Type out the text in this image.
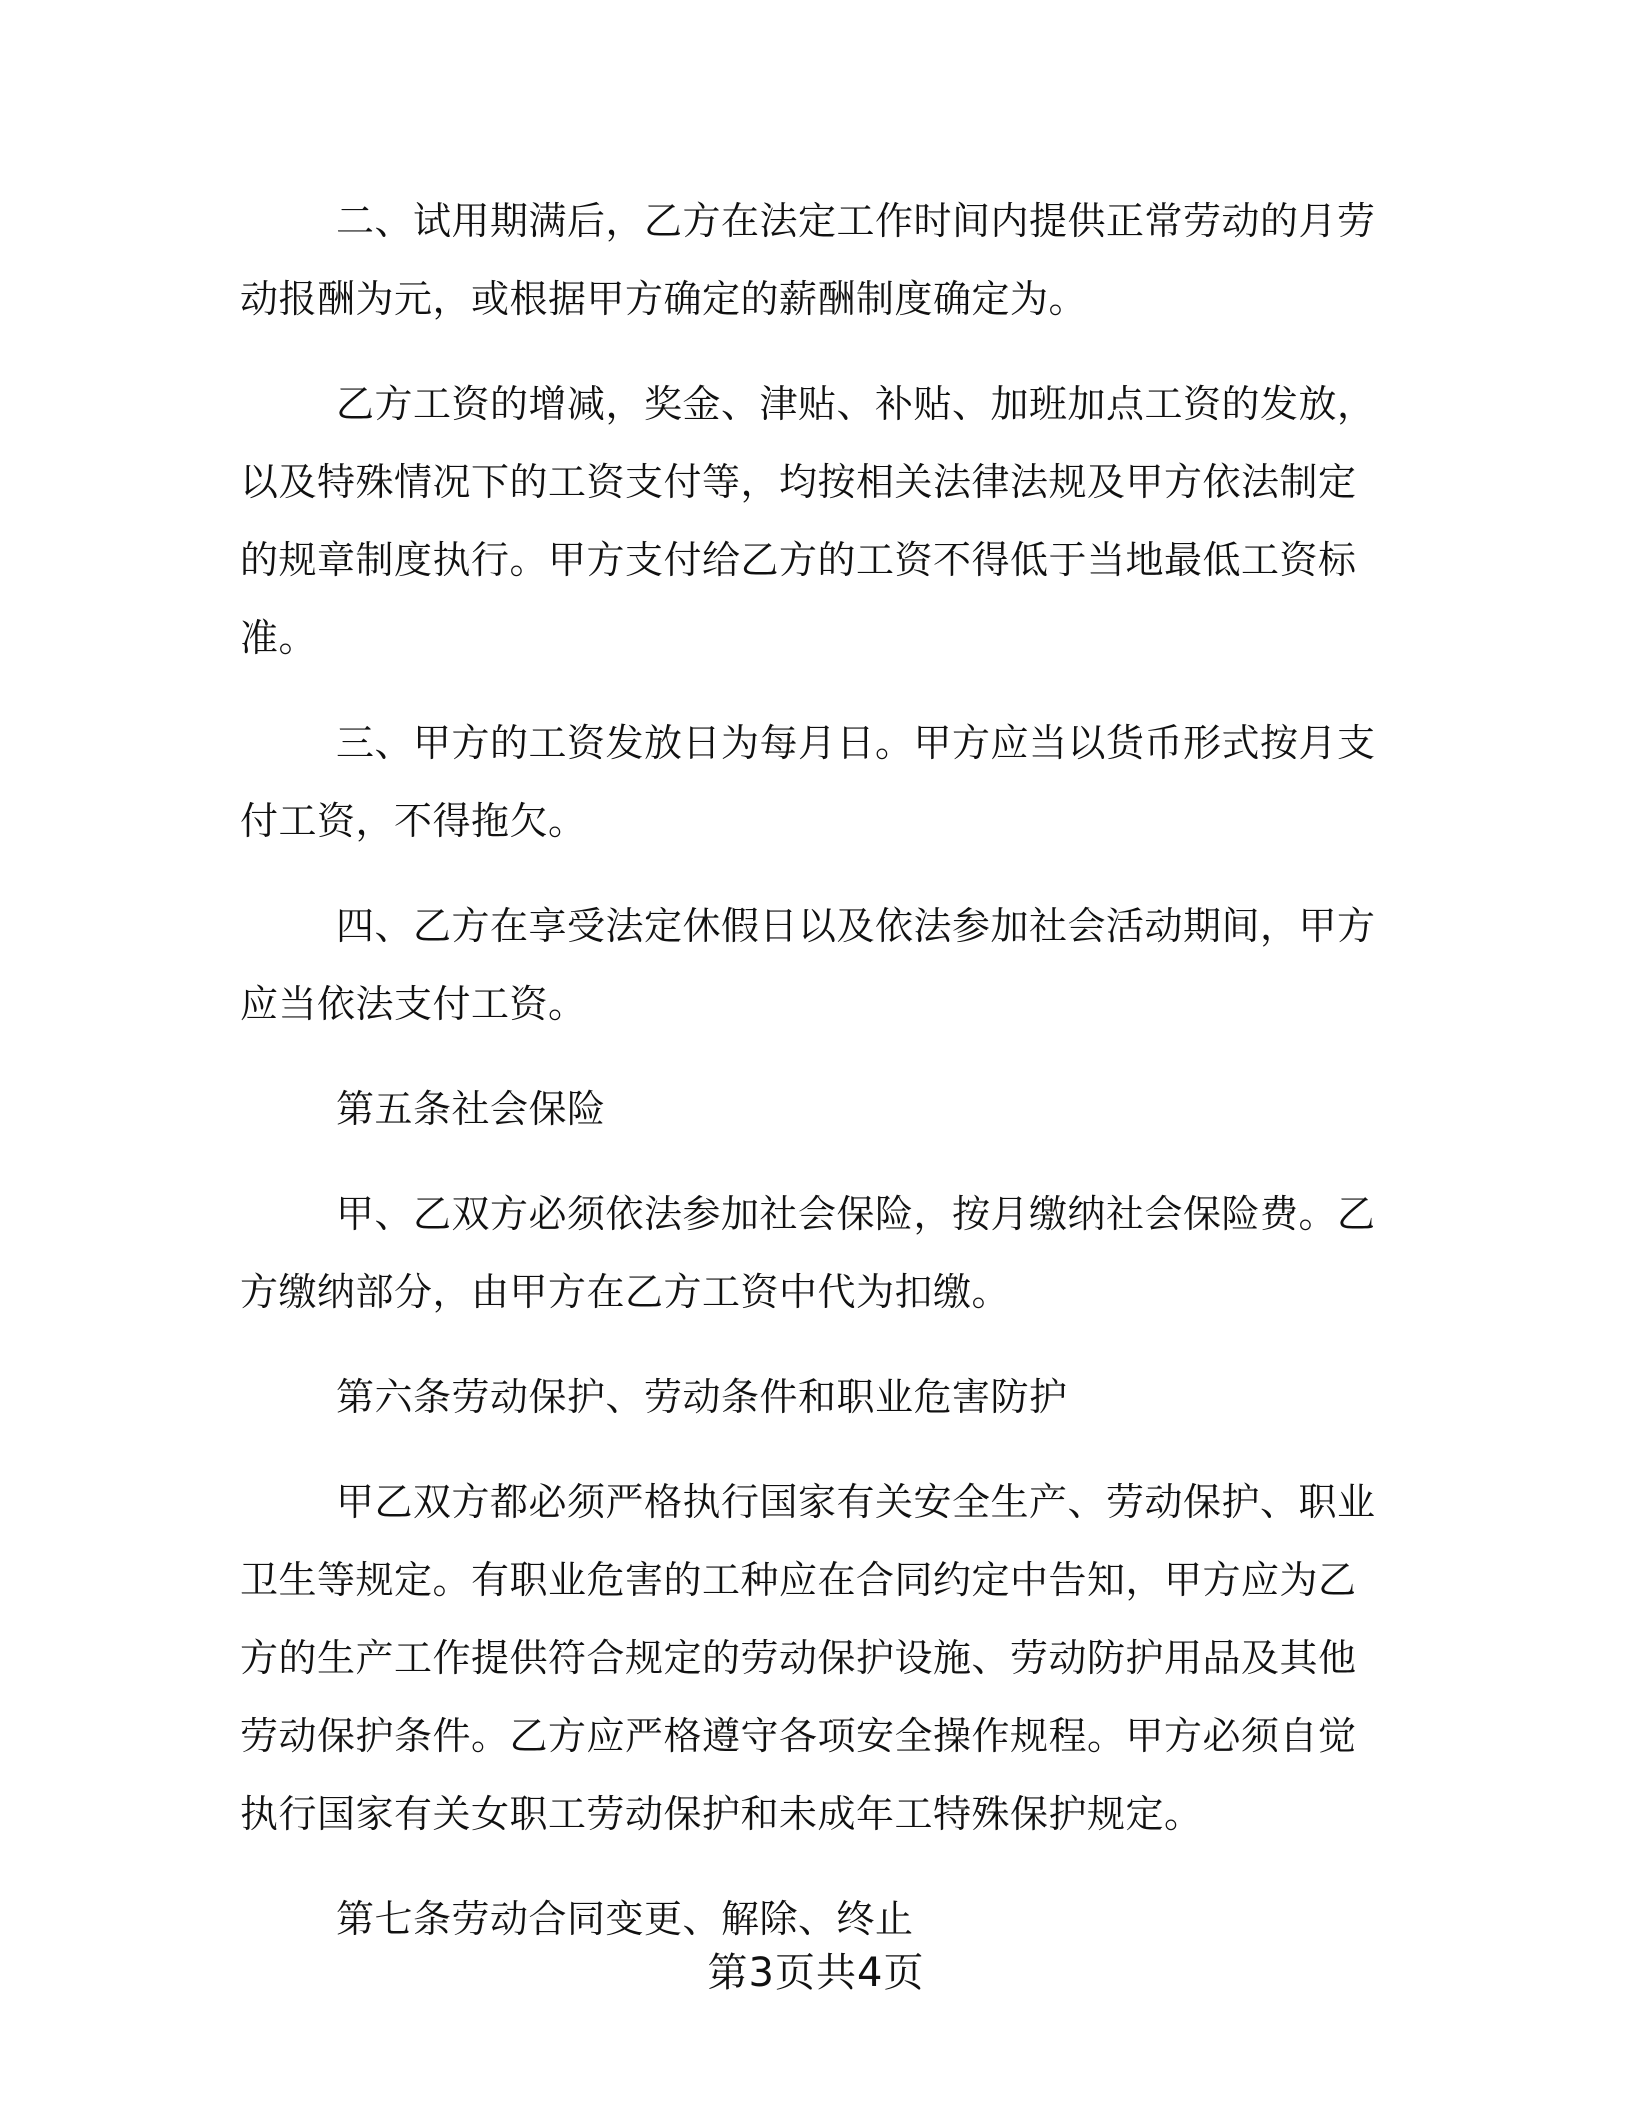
二、试用期满后，乙方在法定工作时间内提供正常劳动的月劳动报酬为元，或根据甲方确定的薪酬制度确定为。

乙方工资的增减，奖金、津贴、补贴、加班加点工资的发放，以及特殊情况下的工资支付等，均按相关法律法规及甲方依法制定的规章制度执行。甲方支付给乙方的工资不得低于当地最低工资标准。

三、甲方的工资发放日为每月日。甲方应当以货币形式按月支付工资，不得拖欠。

四、乙方在享受法定休假日以及依法参加社会活动期间，甲方应当依法支付工资。

第五条社会保险

甲、乙双方必须依法参加社会保险，按月缴纳社会保险费。乙方缴纳部分，由甲方在乙方工资中代为扣缴。

第六条劳动保护、劳动条件和职业危害防护

甲乙双方都必须严格执行国家有关安全生产、劳动保护、职业卫生等规定。有职业危害的工种应在合同约定中告知，甲方应为乙方的生产工作提供符合规定的劳动保护设施、劳动防护用品及其他劳动保护条件。乙方应严格遵守各项安全操作规程。甲方必须自觉执行国家有关女职工劳动保护和未成年工特殊保护规定。

第七条劳动合同变更、解除、终止

第3页共4页
